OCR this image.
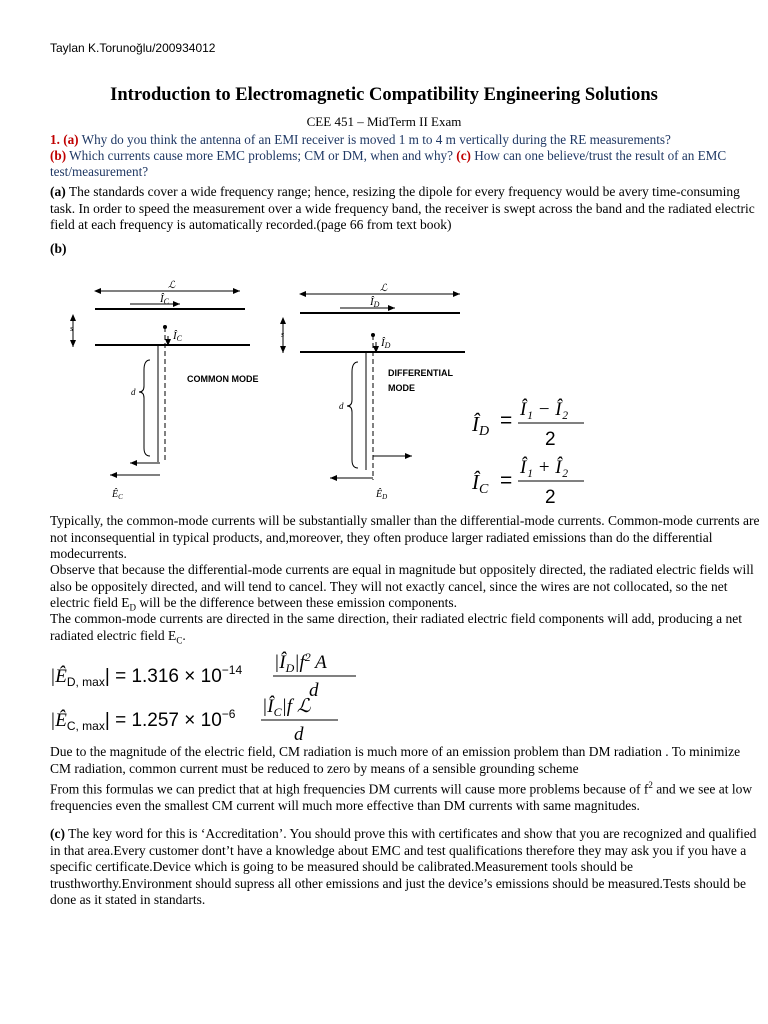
Taylan K.Torunoğlu/200934012
Introduction to Electromagnetic Compatibility Engineering Solutions
CEE 451 – MidTerm II Exam
1. (a) Why do you think the antenna of an EMI receiver is moved 1 m to 4 m vertically during the RE measurements?
(b) Which currents cause more EMC problems; CM or DM, when and why? (c) How can one believe/trust the result of an EMC test/measurement?
(a) The standards cover a wide frequency range; hence, resizing the dipole for every frequency would be avery time-consuming task. In order to speed the measurement over a wide frequency band, the receiver is swept across the band and the radiated electric field at each frequency is automatically recorded.(page 66 from text book)
(b)
ℒ
ÎC
s
ÎC
COMMON MODE
d
$Ê_C$
ℒ
ÎD
s
ÎD
DIFFERENTIAL
MODE
d
$Ê_D$
ÎD = Î₁ − Î₂
2
ÎC =
Î₁ + Î₂
2
Typically, the common-mode currents will be substantially smaller than the differential-mode currents. Common-mode currents are not inconsequential in typical products, and,moreover, they often produce larger radiated emissions than do the differential modecurrents.
Observe that because the differential-mode currents are equal in magnitude but oppositely directed, the radiated electric fields will also be oppositely directed, and will tend to cancel. They will not exactly cancel, since the wires are not collocated, so the net electric field $E_D$ will be the difference between these emission components.
The common-mode currents are directed in the same direction, their radiated electric field components will add, producing a net radiated electric field $E_C$.
$|Ê_{D, max}| = 1.316 \times 10^{-14}$ $|Î_D|f^2$ A
d
$|Ê_{C, max}| = 1.257 \times 10^{-6}$ $|Î_C|f$ ℒ
d
Due to the magnitude of the electric field, CM radiation is much more of an emission problem than DM radiation . To minimize CM radiation, common current must be reduced to zero by means of a sensible grounding scheme
From this formulas we can predict that at high frequencies DM currents will cause more problems because of $f^2$ and we see at low frequencies even the smallest CM current will much more effective than DM currents with same magnitudes.
(c) The key word for this is ‘Accreditation’. You should prove this with certificates and show that you are recognized and qualified in that area.Every customer dont’t have a knowledge about EMC and test qualifications therefore they may ask you if you have a specific certificate.Device which is going to be measured should be calibrated.Measurement tools should be trusthworthy.Environment should supress all other emissions and just the device’s emissions should be measured.Tests should be done as it stated in standarts.
